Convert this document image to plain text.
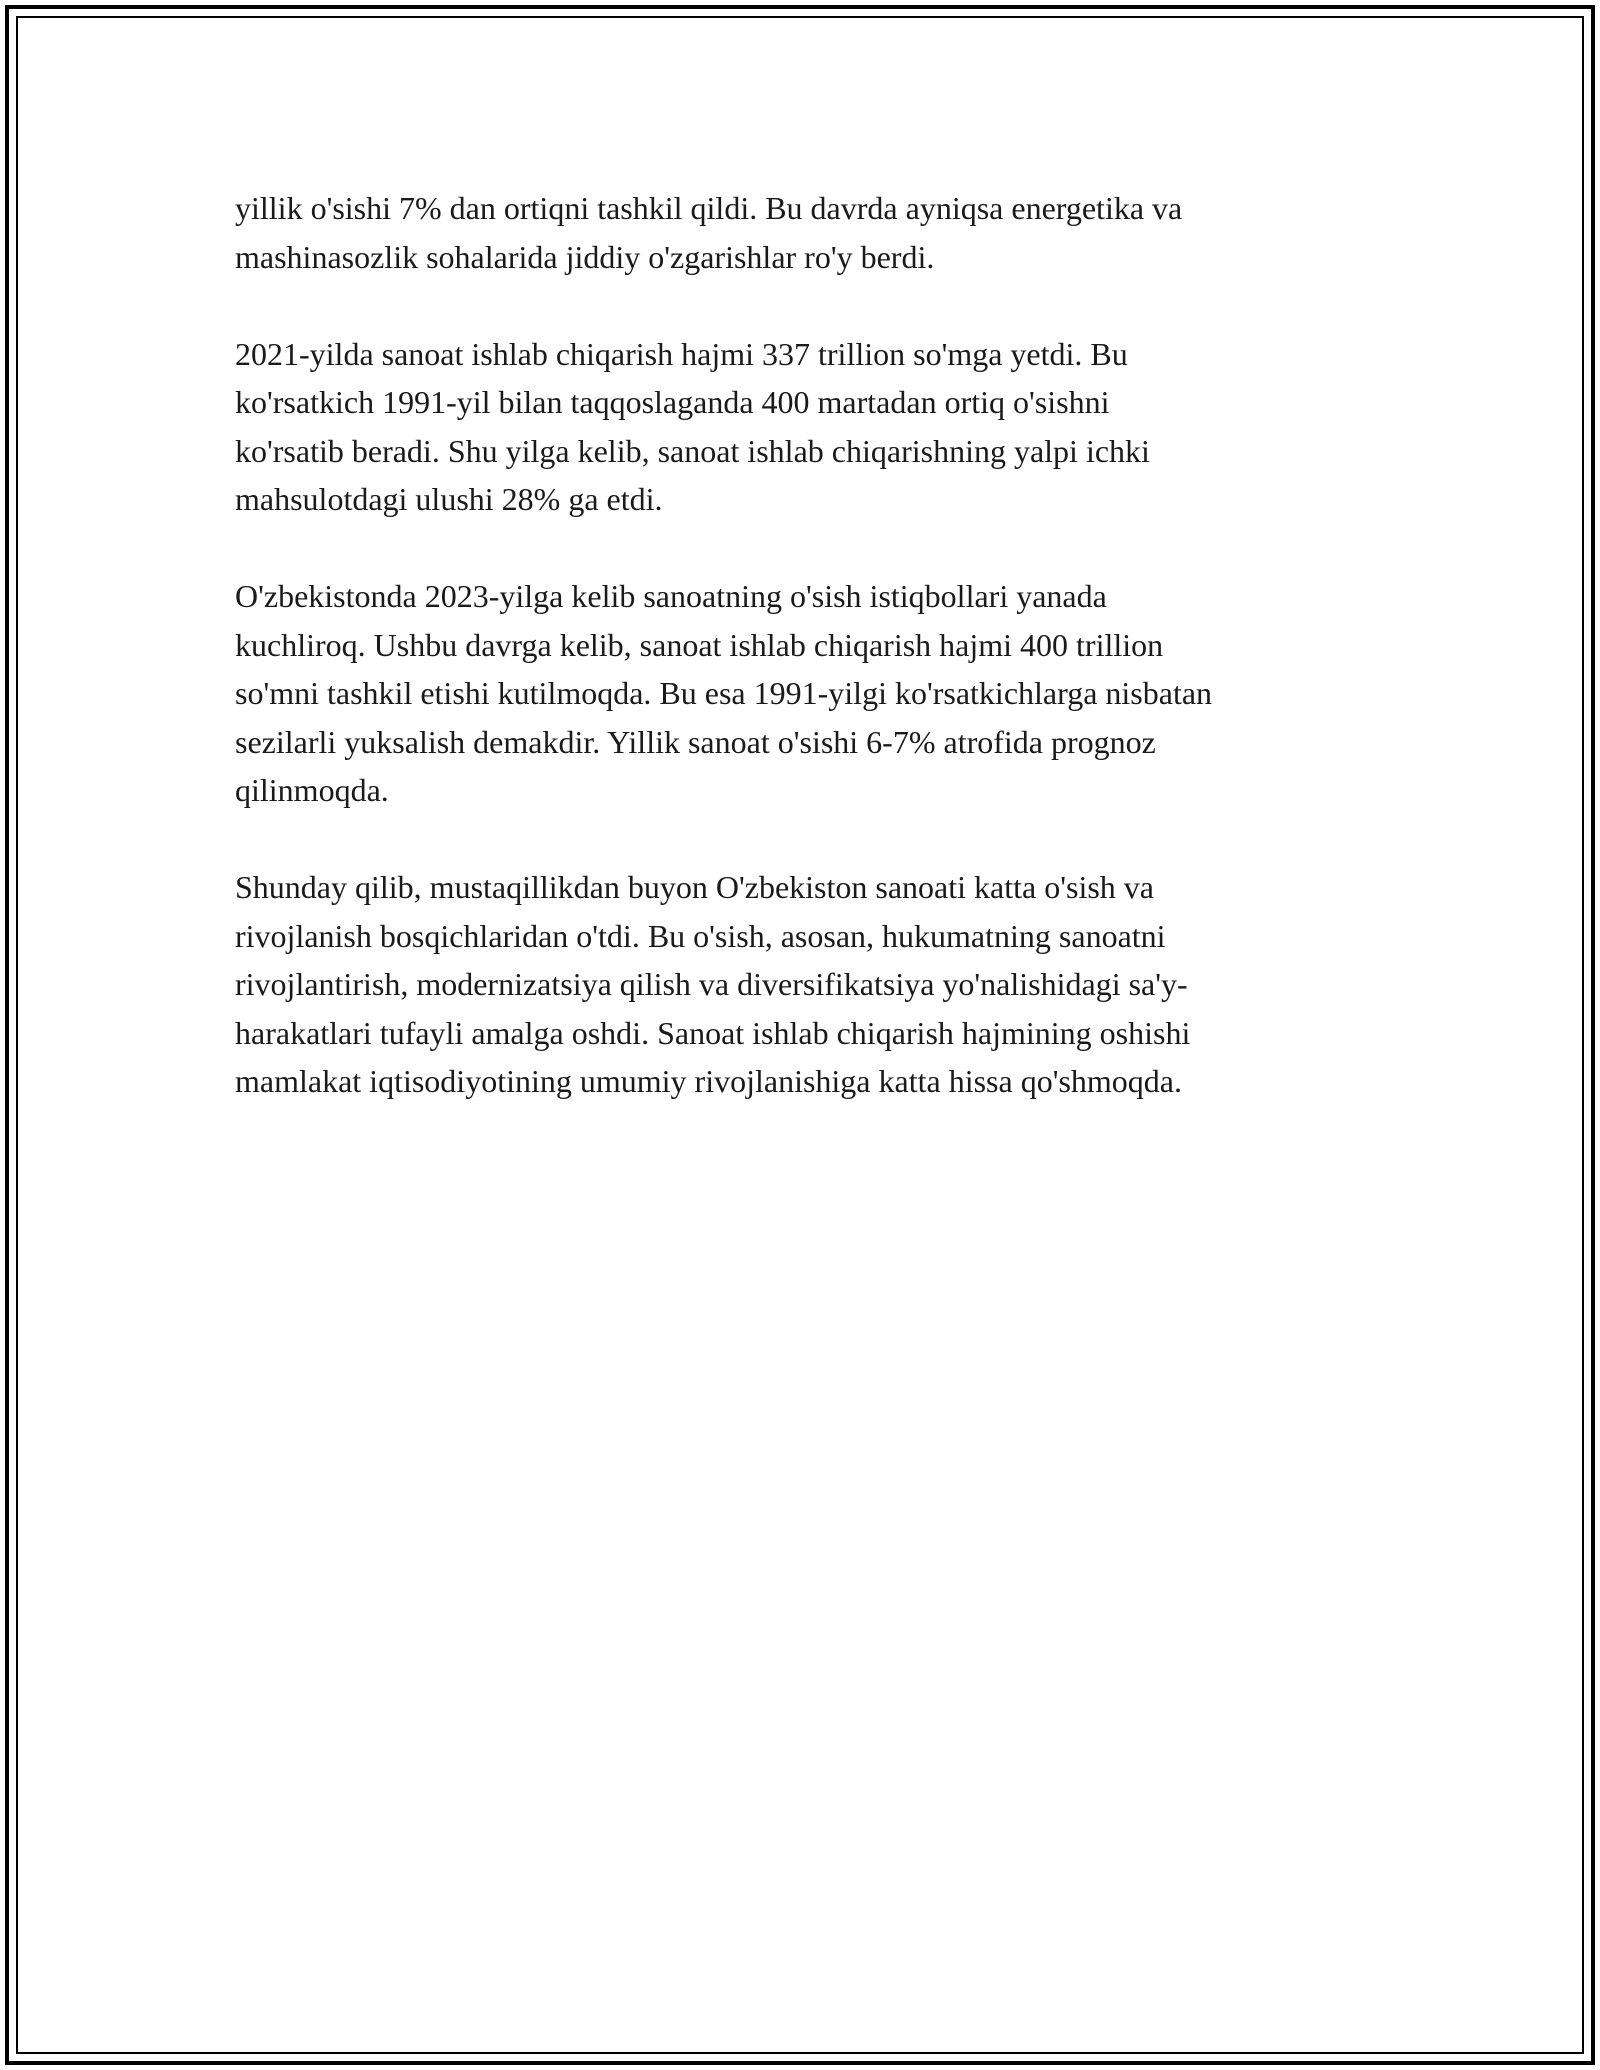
yillik o'sishi 7% dan ortiqni tashkil qildi. Bu davrda ayniqsa energetika va
mashinasozlik sohalarida jiddiy o'zgarishlar ro'y berdi.

2021-yilda sanoat ishlab chiqarish hajmi 337 trillion so'mga yetdi. Bu
ko'rsatkich 1991-yil bilan taqqoslaganda 400 martadan ortiq o'sishni
ko'rsatib beradi. Shu yilga kelib, sanoat ishlab chiqarishning yalpi ichki
mahsulotdagi ulushi 28% ga etdi.

O'zbekistonda 2023-yilga kelib sanoatning o'sish istiqbollari yanada
kuchliroq. Ushbu davrga kelib, sanoat ishlab chiqarish hajmi 400 trillion
so'mni tashkil etishi kutilmoqda. Bu esa 1991-yilgi ko'rsatkichlarga nisbatan
sezilarli yuksalish demakdir. Yillik sanoat o'sishi 6-7% atrofida prognoz
qilinmoqda.

Shunday qilib, mustaqillikdan buyon O'zbekiston sanoati katta o'sish va
rivojlanish bosqichlaridan o'tdi. Bu o'sish, asosan, hukumatning sanoatni
rivojlantirish, modernizatsiya qilish va diversifikatsiya yo'nalishidagi sa'y-
harakatlari tufayli amalga oshdi. Sanoat ishlab chiqarish hajmining oshishi
mamlakat iqtisodiyotining umumiy rivojlanishiga katta hissa qo'shmoqda.
